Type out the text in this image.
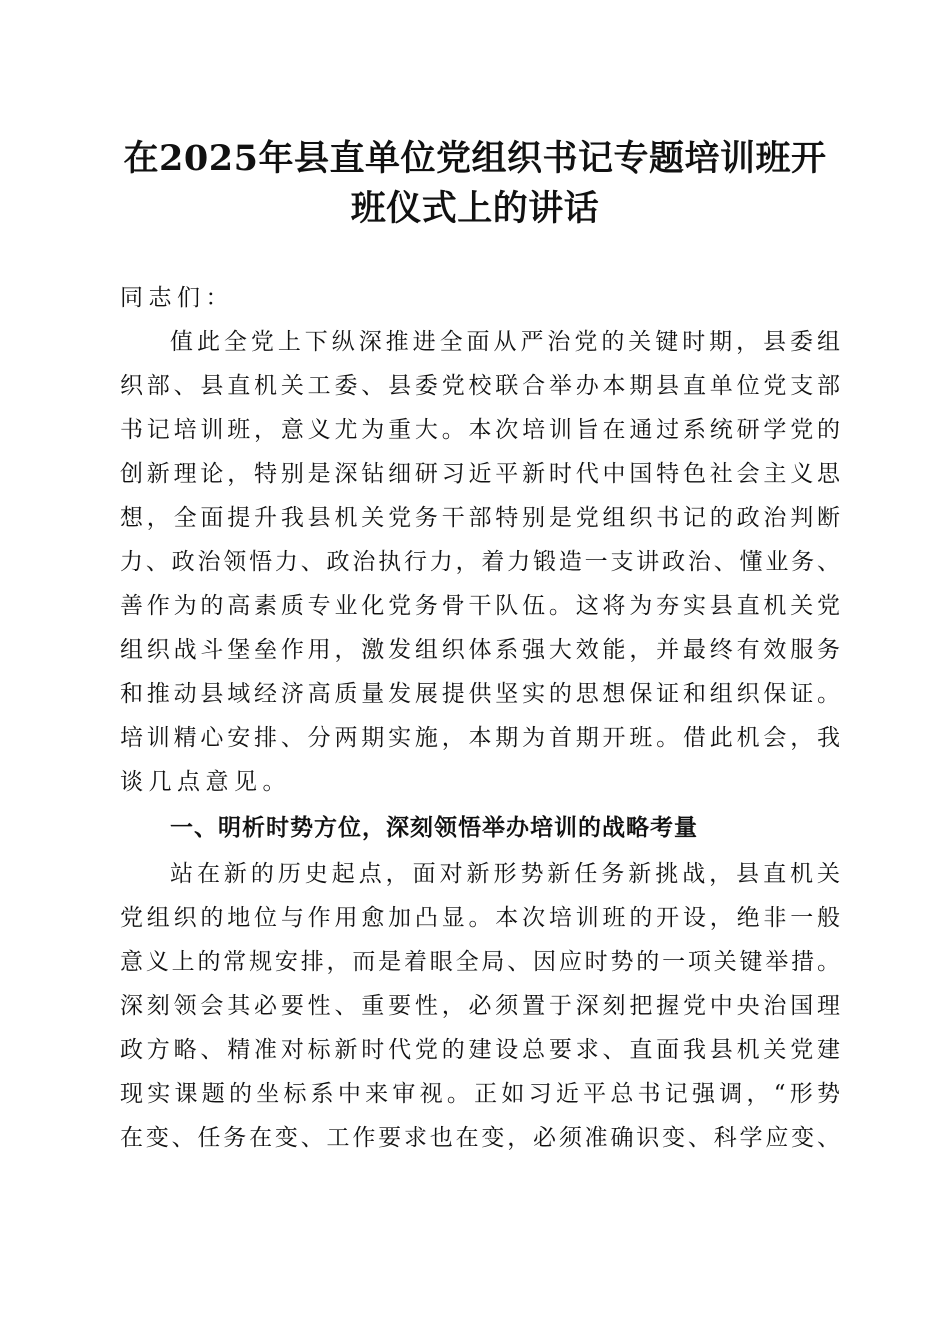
在2025年县直单位党组织书记专题培训班开
班仪式上的讲话
同志们：
值此全党上下纵深推进全面从严治党的关键时期，县委组
织部、县直机关工委、县委党校联合举办本期县直单位党支部
书记培训班，意义尤为重大。本次培训旨在通过系统研学党的
创新理论，特别是深钻细研习近平新时代中国特色社会主义思
想，全面提升我县机关党务干部特别是党组织书记的政治判断
力、政治领悟力、政治执行力，着力锻造一支讲政治、懂业务、
善作为的高素质专业化党务骨干队伍。这将为夯实县直机关党
组织战斗堡垒作用，激发组织体系强大效能，并最终有效服务
和推动县域经济高质量发展提供坚实的思想保证和组织保证。
培训精心安排、分两期实施，本期为首期开班。借此机会，我
谈几点意见。
一、明析时势方位，深刻领悟举办培训的战略考量
站在新的历史起点，面对新形势新任务新挑战，县直机关
党组织的地位与作用愈加凸显。本次培训班的开设，绝非一般
意义上的常规安排，而是着眼全局、因应时势的一项关键举措。
深刻领会其必要性、重要性，必须置于深刻把握党中央治国理
政方略、精准对标新时代党的建设总要求、直面我县机关党建
现实课题的坐标系中来审视。正如习近平总书记强调，“形势
在变、任务在变、工作要求也在变，必须准确识变、科学应变、
